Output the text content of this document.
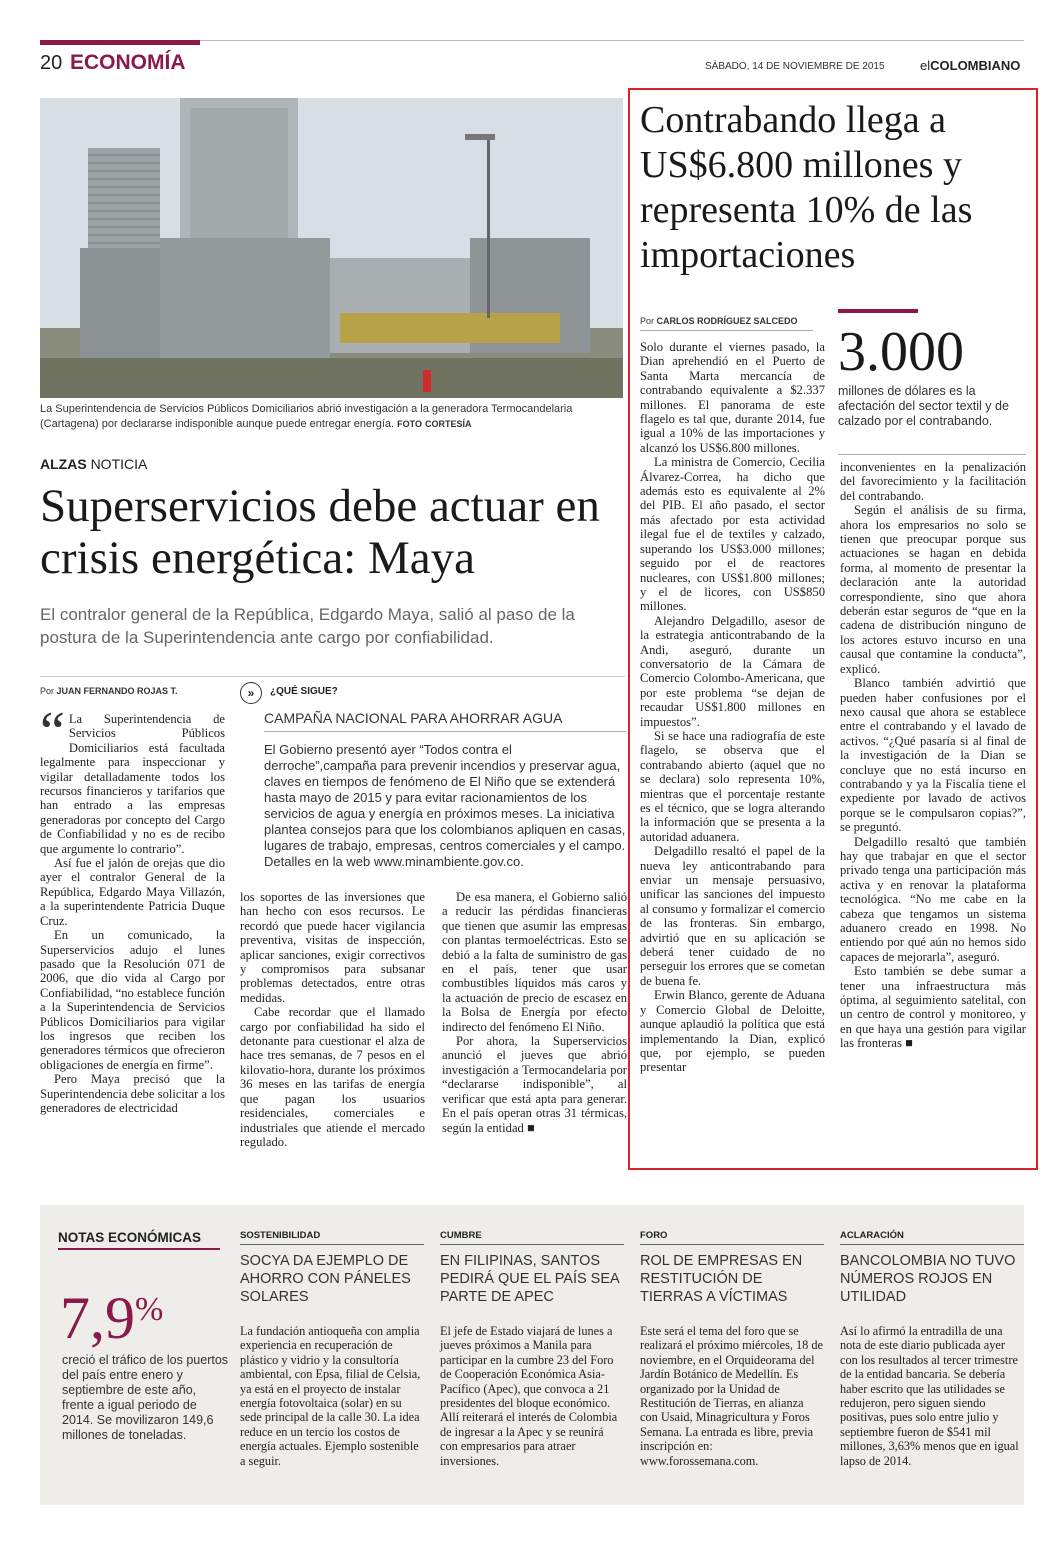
20 ECONOMÍA	SÁBADO, 14 DE NOVIEMBRE DE 2015	elCOLOMBIANO
La Superintendencia de Servicios Públicos Domiciliarios abrió investigación a la generadora Termocandelaria (Cartagena) por declararse indisponible aunque puede entregar energía. FOTO CORTESÍA
ALZAS NOTICIA
Superservicios debe actuar en crisis energética: Maya
El contralor general de la República, Edgardo Maya, salió al paso de la postura de la Superintendencia ante cargo por confiabilidad.
Por JUAN FERNANDO ROJAS T.

“ La Superintendencia de Servicios Públicos Domiciliarios está facultada legalmente para inspeccionar y vigilar detalladamente todos los recursos financieros y tarifarios que han entrado a las empresas generadoras por concepto del Cargo de Confiabilidad y no es de recibo que argumente lo contrario”.

Así fue el jalón de orejas que dio ayer el contralor General de la República, Edgardo Maya Villazón, a la superintendente Patricia Duque Cruz.

En un comunicado, la Superservicios adujo el lunes pasado que la Resolución 071 de 2006, que dio vida al Cargo por Confiabilidad, “no establece función a la Superintendencia de Servicios Públicos Domiciliarios para vigilar los ingresos que reciben los generadores térmicos que ofrecieron obligaciones de energía en firme”.

Pero Maya precisó que la Superintendencia debe solicitar a los generadores de electricidad

los soportes de las inversiones que han hecho con esos recursos. Le recordó que puede hacer vigilancia preventiva, visitas de inspección, aplicar sanciones, exigir correctivos y compromisos para subsanar problemas detectados, entre otras medidas.

Cabe recordar que el llamado cargo por confiabilidad ha sido el detonante para cuestionar el alza de hace tres semanas, de 7 pesos en el kilovatio-hora, durante los próximos 36 meses en las tarifas de energía que pagan los usuarios residenciales, comerciales e industriales que atiende el mercado regulado.

De esa manera, el Gobierno salió a reducir las pérdidas financieras que tienen que asumir las empresas con plantas termoeléctricas. Esto se debió a la falta de suministro de gas en el país, tener que usar combustibles líquidos más caros y la actuación de precio de escasez en la Bolsa de Energía por efecto indirecto del fenómeno El Niño.

Por ahora, la Superservicios anunció el jueves que abrió investigación a Termocandelaria por “declararse indisponible”, al verificar que está apta para generar. En el país operan otras 31 térmicas, según la entidad ■

»	¿QUÉ SIGUE?
CAMPAÑA NACIONAL PARA AHORRAR AGUA
El Gobierno presentó ayer “Todos contra el derroche”,campaña para prevenir incendios y preservar agua, claves en tiempos de fenómeno de El Niño que se extenderá hasta mayo de 2015 y para evitar racionamientos de los servicios de agua y energía en próximos meses. La iniciativa plantea consejos para que los colombianos apliquen en casas, lugares de trabajo, empresas, centros comerciales y el campo. Detalles en la web www.minambiente.gov.co.
Contrabando llega a US$6.800 millones y representa 10% de las importaciones
Por CARLOS RODRÍGUEZ SALCEDO

Solo durante el viernes pasado, la Dian aprehendió en el Puerto de Santa Marta mercancía de contrabando equivalente a $2.337 millones. El panorama de este flagelo es tal que, durante 2014, fue igual a 10% de las importaciones y alcanzó los US$6.800 millones.

La ministra de Comercio, Cecilia Álvarez-Correa, ha dicho que además esto es equivalente al 2% del PIB. El año pasado, el sector más afectado por esta actividad ilegal fue el de textiles y calzado, superando los US$3.000 millones; seguido por el de reactores nucleares, con US$1.800 millones; y el de licores, con US$850 millones.

Alejandro Delgadillo, asesor de la estrategia anticontrabando de la Andi, aseguró, durante un conversatorio de la Cámara de Comercio Colombo-Americana, que por este problema “se dejan de recaudar US$1.800 millones en impuestos”.

Si se hace una radiografía de este flagelo, se observa que el contrabando abierto (aquel que no se declara) solo representa 10%, mientras que el porcentaje restante es el técnico, que se logra alterando la información que se presenta a la autoridad aduanera.

Delgadillo resaltó el papel de la nueva ley anticontrabando para enviar un mensaje persuasivo, unificar las sanciones del impuesto al consumo y formalizar el comercio de las fronteras. Sin embargo, advirtió que en su aplicación se deberá tener cuidado de no perseguir los errores que se cometan de buena fe.

Erwin Blanco, gerente de Aduana y Comercio Global de Deloitte, aunque aplaudió la política que está implementando la Dian, explicó que, por ejemplo, se pueden presentar

3.000
millones de dólares es la afectación del sector textil y de calzado por el contrabando.

inconvenientes en la penalización del favorecimiento y la facilitación del contrabando.

Según el análisis de su firma, ahora los empresarios no solo se tienen que preocupar porque sus actuaciones se hagan en debida forma, al momento de presentar la declaración ante la autoridad correspondiente, sino que ahora deberán estar seguros de “que en la cadena de distribución ninguno de los actores estuvo incurso en una causal que contamine la conducta”, explicó.

Blanco también advirtió que pueden haber confusiones por el nexo causal que ahora se establece entre el contrabando y el lavado de activos. “¿Qué pasaría si al final de la investigación de la Dian se concluye que no está incurso en contrabando y ya la Fiscalía tiene el expediente por lavado de activos porque se le compulsaron copias?”, se preguntó.

Delgadillo resaltó que también hay que trabajar en que el sector privado tenga una participación más activa y en renovar la plataforma tecnológica. “No me cabe en la cabeza que tengamos un sistema aduanero creado en 1998. No entiendo por qué aún no hemos sido capaces de mejorarla”, aseguró.

Esto también se debe sumar a tener una infraestructura más óptima, al seguimiento satelital, con un centro de control y monitoreo, y en que haya una gestión para vigilar las fronteras ■

NOTAS ECONÓMICAS
7,9%
creció el tráfico de los puertos del país entre enero y septiembre de este año, frente a igual periodo de 2014. Se movilizaron 149,6 millones de toneladas.
SOSTENIBILIDAD
SOCYA DA EJEMPLO DE AHORRO CON PÁNELES SOLARES
La fundación antioqueña con amplia experiencia en recuperación de plástico y vidrio y la consultoría ambiental, con Epsa, filial de Celsia, ya está en el proyecto de instalar energía fotovoltaica (solar) en su sede principal de la calle 30. La idea reduce en un tercio los costos de energía actuales. Ejemplo sostenible a seguir.
CUMBRE
EN FILIPINAS, SANTOS PEDIRÁ QUE EL PAÍS SEA PARTE DE APEC
El jefe de Estado viajará de lunes a jueves próximos a Manila para participar en la cumbre 23 del Foro de Cooperación Económica Asia-Pacífico (Apec), que convoca a 21 presidentes del bloque económico. Allí reiterará el interés de Colombia de ingresar a la Apec y se reunirá con empresarios para atraer inversiones.
FORO
ROL DE EMPRESAS EN RESTITUCIÓN DE TIERRAS A VÍCTIMAS
Este será el tema del foro que se realizará el próximo miércoles, 18 de noviembre, en el Orquideorama del Jardín Botánico de Medellín. Es organizado por la Unidad de Restitución de Tierras, en alianza con Usaid, Minagricultura y Foros Semana. La entrada es libre, previa inscripción en: www.forossemana.com.
ACLARACIÓN
BANCOLOMBIA NO TUVO NÚMEROS ROJOS EN UTILIDAD
Así lo afirmó la entradilla de una nota de este diario publicada ayer con los resultados al tercer trimestre de la entidad bancaria. Se debería haber escrito que las utilidades se redujeron, pero siguen siendo positivas, pues solo entre julio y septiembre fueron de $541 mil millones, 3,63% menos que en igual lapso de 2014.
